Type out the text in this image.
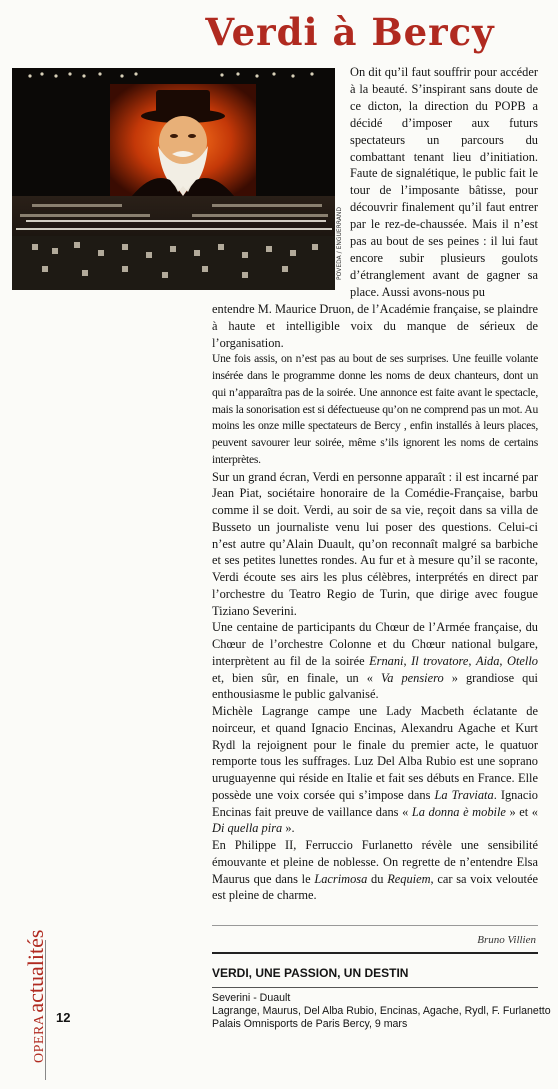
Verdi à Bercy
POVEDA / ENGUERRAND

On dit qu’il faut souffrir pour accéder à la beauté. S’inspirant sans doute de ce dicton, la direction du POPB a décidé d’imposer aux futurs spectateurs un parcours du combattant tenant lieu d’initiation. Faute de signalétique, le public fait le tour de l’imposante bâtisse, pour découvrir finalement qu’il faut entrer par le rez-de-chaussée. Mais il n’est pas au bout de ses peines : il lui faut encore subir plusieurs goulots d’étranglement avant de gagner sa place. Aussi avons-nous pu

entendre M. Maurice Druon, de l’Académie française, se plaindre à haute et intelligible voix du manque de sérieux de l’organisation.

Une fois assis, on n’est pas au bout de ses surprises. Une feuille volante insérée dans le programme donne les noms de deux chanteurs, dont un qui n’apparaîtra pas de la soirée. Une annonce est faite avant le spectacle, mais la sonorisation est si défectueuse qu’on ne comprend pas un mot. Au moins les onze mille spectateurs de Bercy , enfin installés à leurs places, peuvent savourer leur soirée, même s’ils ignorent les noms de certains interprètes.

Sur un grand écran, Verdi en personne apparaît : il est incarné par Jean Piat, sociétaire honoraire de la Comédie-Française, barbu comme il se doit. Verdi, au soir de sa vie, reçoit dans sa villa de Busseto un journaliste venu lui poser des questions. Celui-ci n’est autre qu’Alain Duault, qu’on reconnaît malgré sa barbiche et ses petites lunettes rondes. Au fur et à mesure qu’il se raconte, Verdi écoute ses airs les plus célèbres, interprétés en direct par l’orchestre du Teatro Regio de Turin, que dirige avec fougue Tiziano Severini.

Une centaine de participants du Chœur de l’Armée française, du Chœur de l’orchestre Colonne et du Chœur national bulgare, interprètent au fil de la soirée Ernani, Il trovatore, Aida, Otello et, bien sûr, en finale, un « Va pensiero » grandiose qui enthousiasme le public galvanisé.

Michèle Lagrange campe une Lady Macbeth éclatante de noirceur, et quand Ignacio Encinas, Alexandru Agache et Kurt Rydl la rejoignent pour le finale du premier acte, le quatuor remporte tous les suffrages. Luz Del Alba Rubio est une soprano uruguayenne qui réside en Italie et fait ses débuts en France. Elle possède une voix corsée qui s’impose dans La Traviata. Ignacio Encinas fait preuve de vaillance dans « La donna è mobile » et « Di quella pira ».

En Philippe II, Ferruccio Furlanetto révèle une sensibilité émouvante et pleine de noblesse. On regrette de n’entendre Elsa Maurus que dans le Lacrimosa du Requiem, car sa voix veloutée est pleine de charme.

Bruno Villien
VERDI, UNE PASSION, UN DESTIN
Severini - Duault
Lagrange, Maurus, Del Alba Rubio, Encinas, Agache, Rydl, F. Furlanetto
Palais Omnisports de Paris Bercy, 9 mars
OPERAactualités
12
